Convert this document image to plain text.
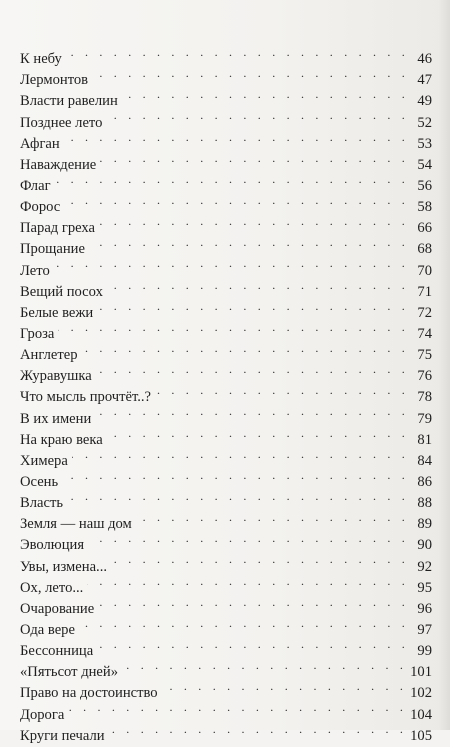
К небу . . .	46
Лермонтов . . .	47
Власти равелин . . .	49
Позднее лето . . .	52
Афган . . .	53
Наваждение . . .	54
Флаг . . .	56
Форос . . .	58
Парад греха . . .	66
Прощание . . .	68
Лето . . .	70
Вещий посох . . .	71
Белые вежи . . .	72
Гроза . . .	74
Англетер . . .	75
Журавушка . . .	76
Что мысль прочтёт..? . . .	78
В их имени . . .	79
На краю века . . .	81
Химера . . .	84
Осень . . .	86
Власть . . .	88
Земля — наш дом . . .	89
Эволюция . . .	90
Увы, измена... . . .	92
Ох, лето... . . .	95
Очарование . . .	96
Ода вере . . .	97
Бессонница . . .	99
«Пятьсот дней» . . .	101
Право на достоинство . . .	102
Дорога . . .	104
Круги печали . . .	105
